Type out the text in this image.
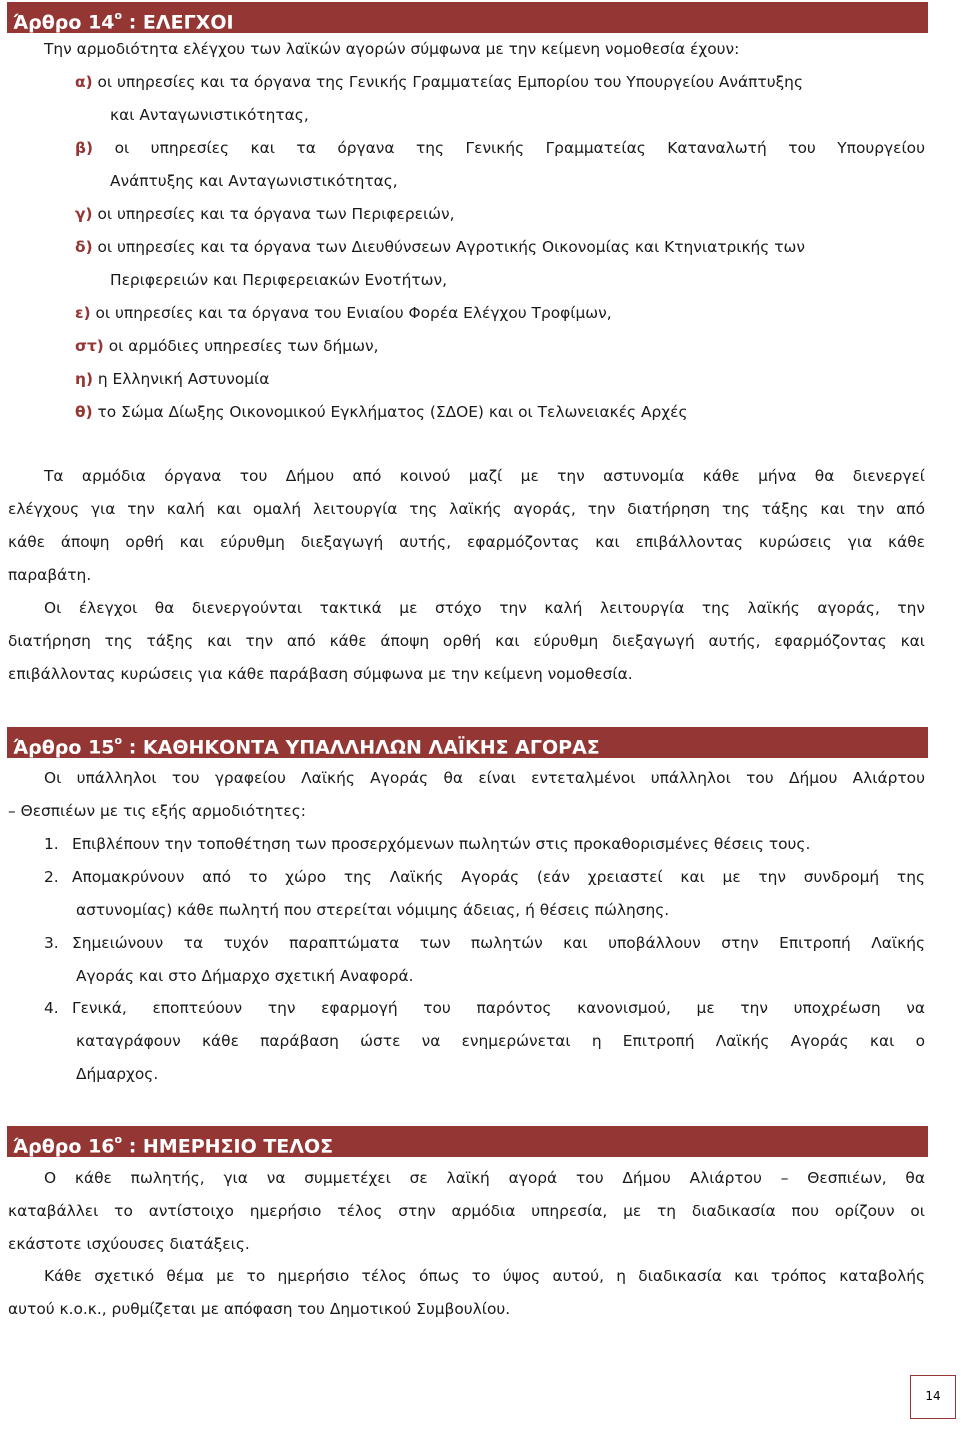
Άρθρο $14^o$ : ΕΛΕΓΧΟΙ
Την αρμοδιότητα ελέγχου των λαϊκών αγορών σύμφωνα με την κείμενη νομοθεσία έχουν:
α) οι υπηρεσίες και τα όργανα της Γενικής Γραμματείας Εμπορίου του Υπουργείου Ανάπτυξης
και Ανταγωνιστικότητας,
β) οι υπηρεσίες και τα όργανα της Γενικής Γραμματείας Καταναλωτή του Υπουργείου
Ανάπτυξης και Ανταγωνιστικότητας,
γ) οι υπηρεσίες και τα όργανα των Περιφερειών,
δ) οι υπηρεσίες και τα όργανα των Διευθύνσεων Αγροτικής Οικονομίας και Κτηνιατρικής των
Περιφερειών και Περιφερειακών Ενοτήτων,
ε) οι υπηρεσίες και τα όργανα του Ενιαίου Φορέα Ελέγχου Τροφίμων,
στ) οι αρμόδιες υπηρεσίες των δήμων,
η) η Ελληνική Αστυνομία
θ) το Σώμα Δίωξης Οικονομικού Εγκλήματος (ΣΔΟΕ) και οι Τελωνειακές Αρχές
Τα αρμόδια όργανα του Δήμου από κοινού μαζί με την αστυνομία κάθε μήνα θα διενεργεί
ελέγχους για την καλή και ομαλή λειτουργία της λαϊκής αγοράς, την διατήρηση της τάξης και την από
κάθε άποψη ορθή και εύρυθμη διεξαγωγή αυτής, εφαρμόζοντας και επιβάλλοντας κυρώσεις για κάθε
παραβάτη.
Οι έλεγχοι θα διενεργούνται τακτικά με στόχο την καλή λειτουργία της λαϊκής αγοράς, την
διατήρηση της τάξης και την από κάθε άποψη ορθή και εύρυθμη διεξαγωγή αυτής, εφαρμόζοντας και
επιβάλλοντας κυρώσεις για κάθε παράβαση σύμφωνα με την κείμενη νομοθεσία.
Άρθρο $15^o$ : ΚΑΘΗΚΟΝΤΑ ΥΠΑΛΛΗΛΩΝ ΛΑΪΚΗΣ ΑΓΟΡΑΣ
Οι υπάλληλοι του γραφείου Λαϊκής Αγοράς θα είναι εντεταλμένοι υπάλληλοι του Δήμου Αλιάρτου
– Θεσπιέων με τις εξής αρμοδιότητες:
1. Επιβλέπουν την τοποθέτηση των προσερχόμενων πωλητών στις προκαθορισμένες θέσεις τους.
2. Απομακρύνουν από το χώρο της Λαϊκής Αγοράς (εάν χρειαστεί και με την συνδρομή της
αστυνομίας) κάθε πωλητή που στερείται νόμιμης άδειας, ή θέσεις πώλησης.
3. Σημειώνουν τα τυχόν παραπτώματα των πωλητών και υποβάλλουν στην Επιτροπή Λαϊκής
Αγοράς και στο Δήμαρχο σχετική Αναφορά.
4. Γενικά, εποπτεύουν την εφαρμογή του παρόντος κανονισμού, με την υποχρέωση να
καταγράφουν κάθε παράβαση ώστε να ενημερώνεται η Επιτροπή Λαϊκής Αγοράς και ο
Δήμαρχος.
Άρθρο $16^o$ : ΗΜΕΡΗΣΙΟ ΤΕΛΟΣ
Ο κάθε πωλητής, για να συμμετέχει σε λαϊκή αγορά του Δήμου Αλιάρτου – Θεσπιέων, θα
καταβάλλει το αντίστοιχο ημερήσιο τέλος στην αρμόδια υπηρεσία, με τη διαδικασία που ορίζουν οι
εκάστοτε ισχύουσες διατάξεις.
Κάθε σχετικό θέμα με το ημερήσιο τέλος όπως το ύψος αυτού, η διαδικασία και τρόπος καταβολής
αυτού κ.ο.κ., ρυθμίζεται με απόφαση του Δημοτικού Συμβουλίου.
14
